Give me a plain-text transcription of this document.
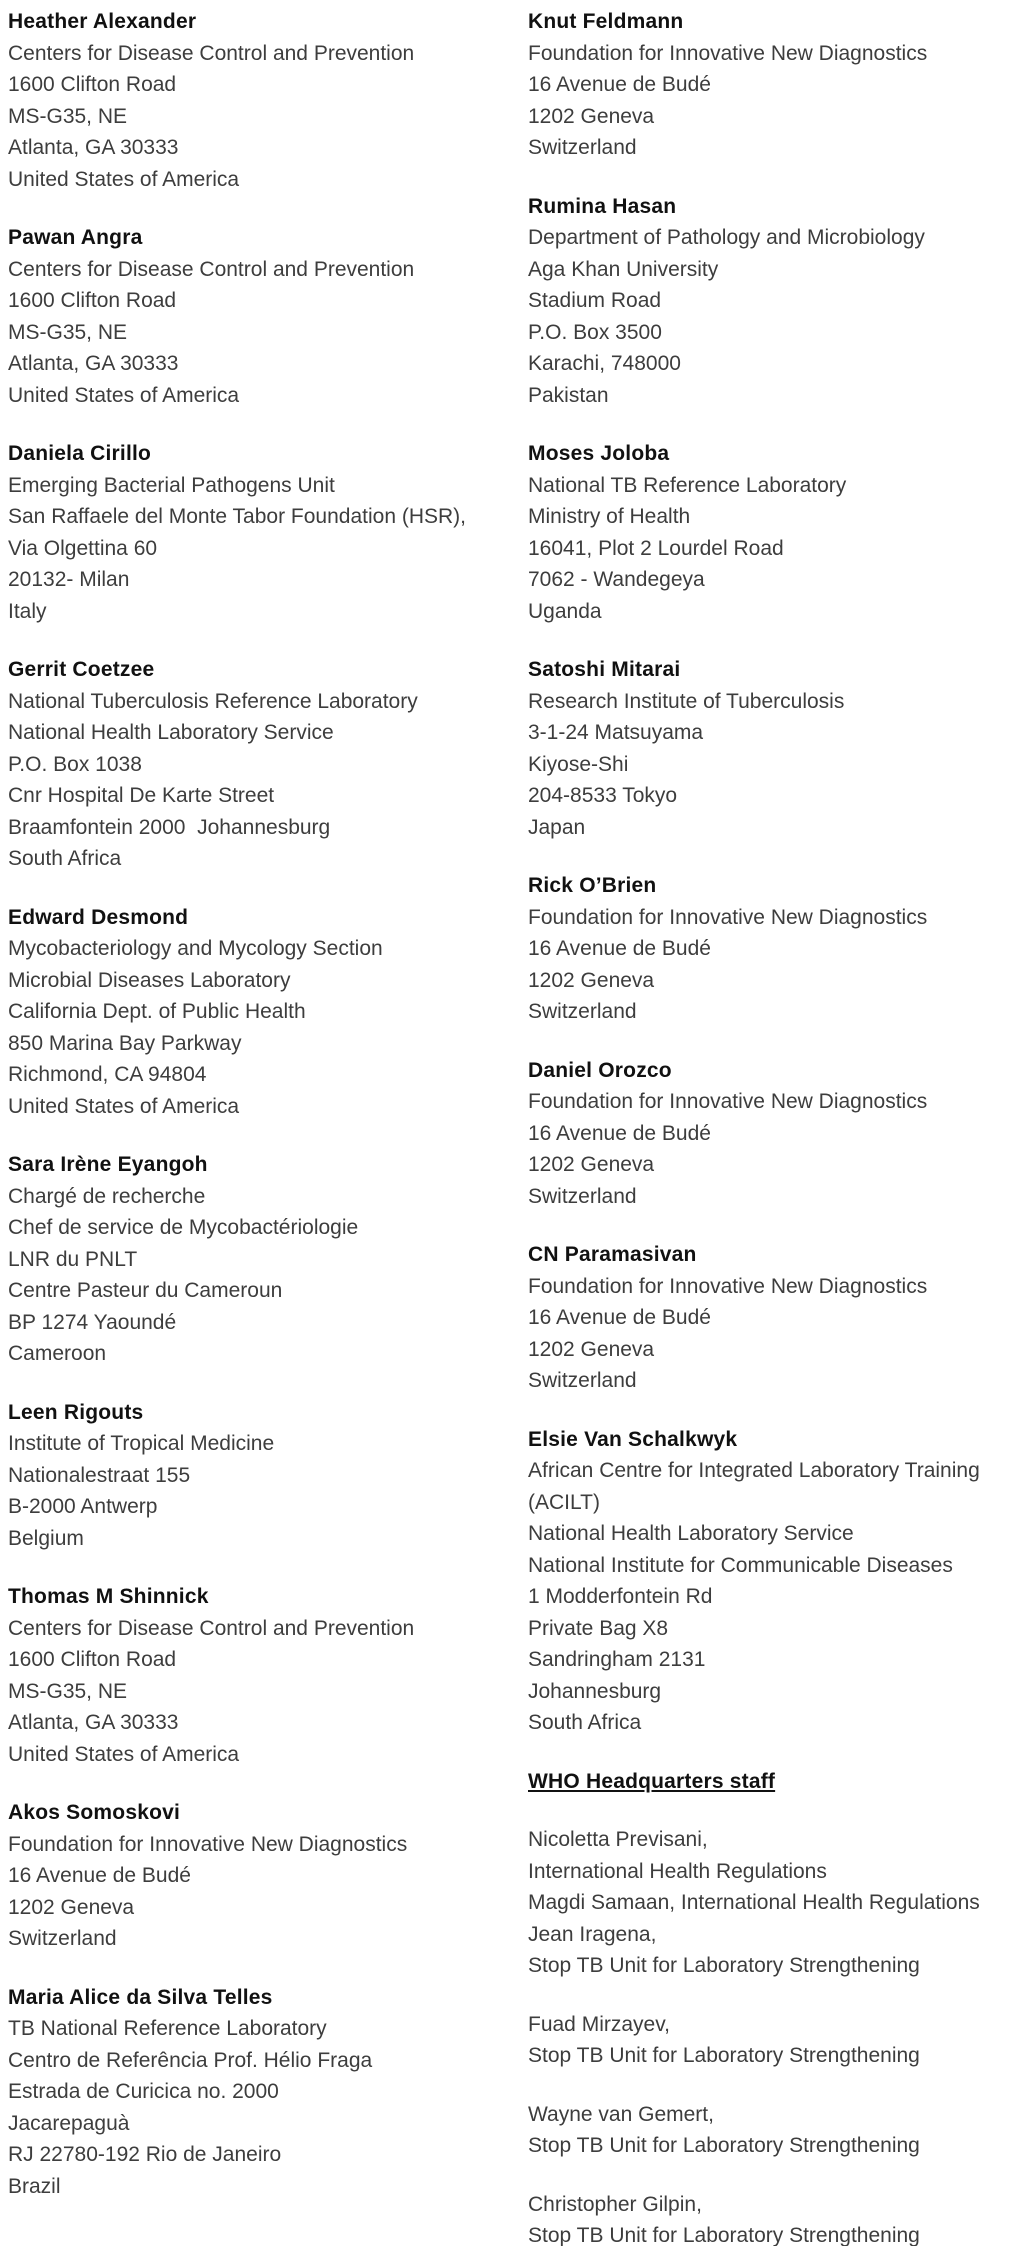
Heather Alexander
Centers for Disease Control and Prevention
1600 Clifton Road
MS-G35, NE
Atlanta, GA 30333
United States of America
Pawan Angra
Centers for Disease Control and Prevention
1600 Clifton Road
MS-G35, NE
Atlanta, GA 30333
United States of America
Daniela Cirillo
Emerging Bacterial Pathogens Unit
San Raffaele del Monte Tabor Foundation (HSR),
Via Olgettina 60
20132- Milan
Italy
Gerrit Coetzee
National Tuberculosis Reference Laboratory
National Health Laboratory Service
P.O. Box 1038
Cnr Hospital De Karte Street
Braamfontein 2000  Johannesburg
South Africa
Edward Desmond
Mycobacteriology and Mycology Section
Microbial Diseases Laboratory
California Dept. of Public Health
850 Marina Bay Parkway
Richmond, CA 94804
United States of America
Sara Irène Eyangoh
Chargé de recherche
Chef de service de Mycobactériologie
LNR du PNLT
Centre Pasteur du Cameroun
BP 1274 Yaoundé
Cameroon
Leen Rigouts
Institute of Tropical Medicine
Nationalestraat 155
B-2000 Antwerp
Belgium
Thomas M Shinnick
Centers for Disease Control and Prevention
1600 Clifton Road
MS-G35, NE
Atlanta, GA 30333
United States of America
Akos Somoskovi
Foundation for Innovative New Diagnostics
16 Avenue de Budé
1202 Geneva
Switzerland
Maria Alice da Silva Telles
TB National Reference Laboratory
Centro de Referência Prof. Hélio Fraga
Estrada de Curicica no. 2000
Jacarepaguà
RJ 22780-192 Rio de Janeiro
Brazil
Knut Feldmann
Foundation for Innovative New Diagnostics
16 Avenue de Budé
1202 Geneva
Switzerland
Rumina Hasan
Department of Pathology and Microbiology
Aga Khan University
Stadium Road
P.O. Box 3500
Karachi, 748000
Pakistan
Moses Joloba
National TB Reference Laboratory
Ministry of Health
16041, Plot 2 Lourdel Road
7062 - Wandegeya
Uganda
Satoshi Mitarai
Research Institute of Tuberculosis
3-1-24 Matsuyama
Kiyose-Shi
204-8533 Tokyo
Japan
Rick O’Brien
Foundation for Innovative New Diagnostics
16 Avenue de Budé
1202 Geneva
Switzerland
Daniel Orozco
Foundation for Innovative New Diagnostics
16 Avenue de Budé
1202 Geneva
Switzerland
CN Paramasivan
Foundation for Innovative New Diagnostics
16 Avenue de Budé
1202 Geneva
Switzerland
Elsie Van Schalkwyk
African Centre for Integrated Laboratory Training
(ACILT)
National Health Laboratory Service
National Institute for Communicable Diseases
1 Modderfontein Rd
Private Bag X8
Sandringham 2131
Johannesburg
South Africa
WHO Headquarters staff
Nicoletta Previsani,
International Health Regulations
Magdi Samaan, International Health Regulations
Jean Iragena,
Stop TB Unit for Laboratory Strengthening
Fuad Mirzayev,
Stop TB Unit for Laboratory Strengthening
Wayne van Gemert,
Stop TB Unit for Laboratory Strengthening
Christopher Gilpin,
Stop TB Unit for Laboratory Strengthening
